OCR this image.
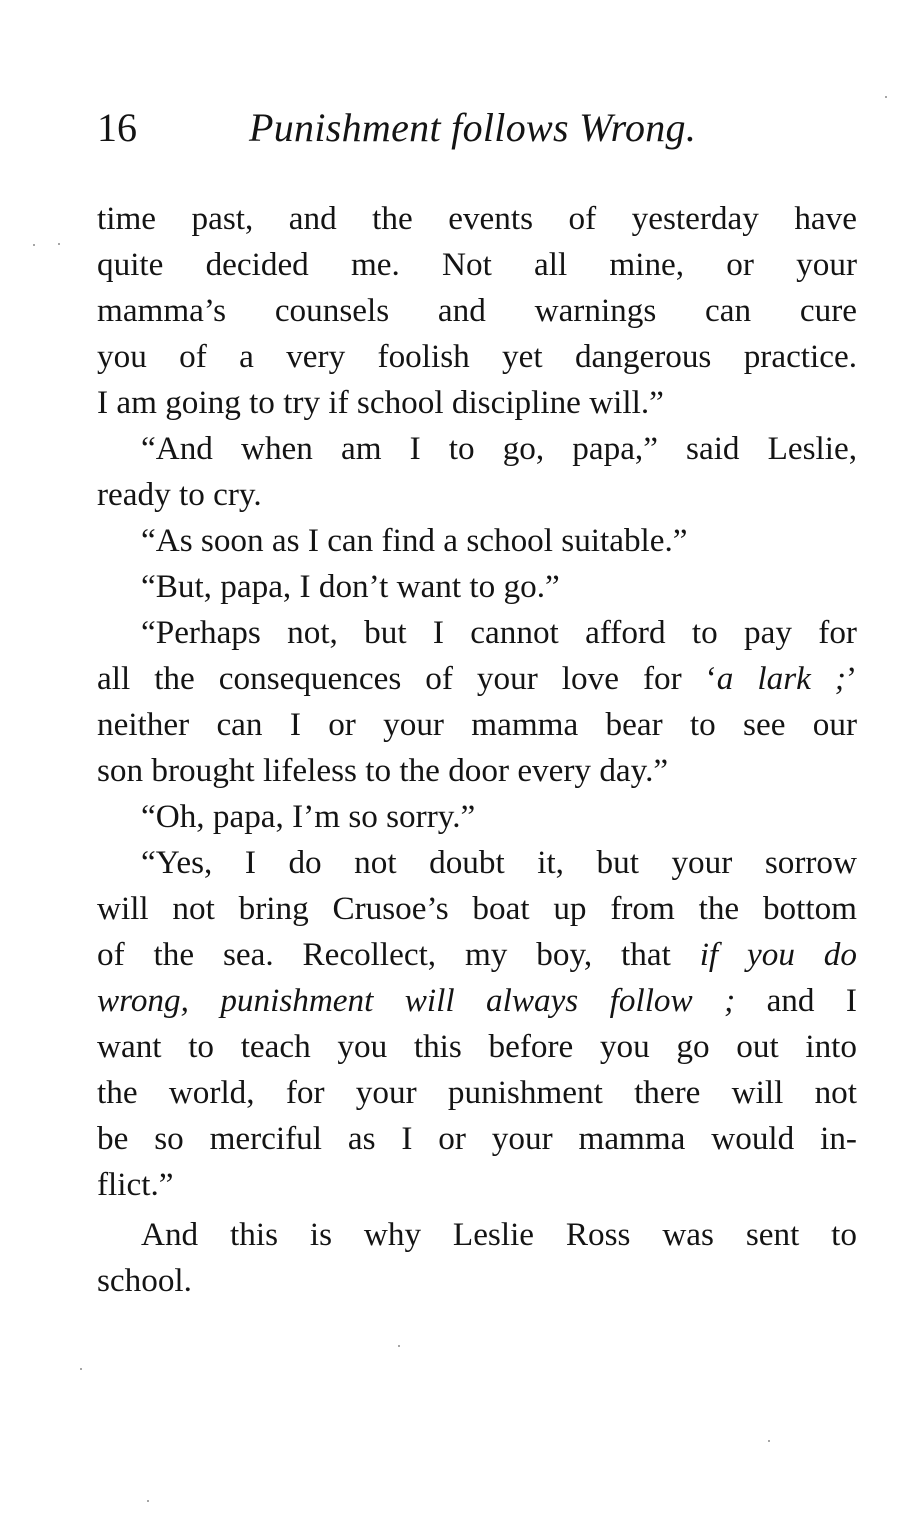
16	Punishment follows Wrong.
time past, and the events of yesterday have
quite decided me. Not all mine, or your
mamma’s counsels and warnings can cure
you of a very foolish yet dangerous practice.
I am going to try if school discipline will.”
“And when am I to go, papa,” said Leslie,
ready to cry.
“As soon as I can find a school suitable.”
“But, papa, I don’t want to go.”
“Perhaps not, but I cannot afford to pay for
all the consequences of your love for ‘a lark ;’
neither can I or your mamma bear to see our
son brought lifeless to the door every day.”
“Oh, papa, I’m so sorry.”
“Yes, I do not doubt it, but your sorrow
will not bring Crusoe’s boat up from the bottom
of the sea. Recollect, my boy, that if you do
wrong, punishment will always follow ; and I
want to teach you this before you go out into
the world, for your punishment there will not
be so merciful as I or your mamma would in-
flict.”
And this is why Leslie Ross was sent to
school.
